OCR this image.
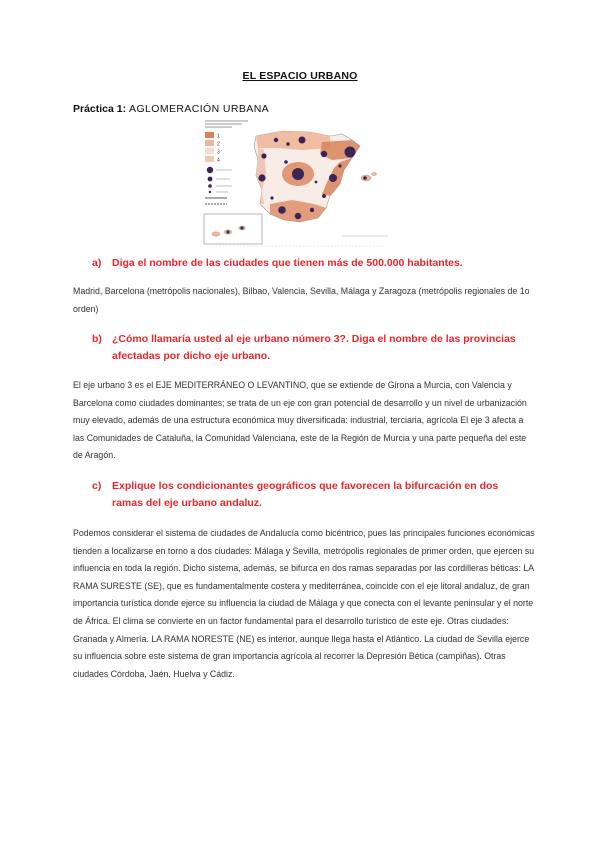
EL ESPACIO URBANO
Práctica 1: AGLOMERACIÓN URBANA
1
2
3
4
a) Diga el nombre de las ciudades que tienen más de 500.000 habitantes.
Madrid, Barcelona (metrópolis nacionales), Bilbao, Valencia, Sevilla, Málaga y Zaragoza (metrópolis regionales de 1o orden)
b) ¿Cómo llamaría usted al eje urbano número 3?. Diga el nombre de las provincias afectadas por dicho eje urbano.
El eje urbano 3 es el EJE MEDITERRÁNEO O LEVANTINO, que se extiende de Girona a Murcia, con Valencia y Barcelona como ciudades dominantes; se trata de un eje con gran potencial de desarrollo y un nivel de urbanización muy elevado, además de una estructura económica muy diversificada: industrial, terciaria, agrícola El eje 3 afecta a las Comunidades de Cataluña, la Comunidad Valenciana, este de la Región de Murcia y una parte pequeña del este de Aragón.
c) Explique los condicionantes geográficos que favorecen la bifurcación en dos ramas del eje urbano andaluz.
Podemos considerar el sistema de ciudades de Andalucía como bicéntrico, pues las principales funciones económicas tienden a localizarse en torno a dos ciudades: Málaga y Sevilla, metrópolis regionales de primer orden, que ejercen su influencia en toda la región. Dicho sistema, además, se bifurca en dos ramas separadas por las cordilleras béticas: LA RAMA SURESTE (SE), que es fundamentalmente costera y mediterránea, coincide con el eje litoral andaluz, de gran importancia turística donde ejerce su influencia la ciudad de Málaga y que conecta con el levante peninsular y el norte de África. El clima se convierte en un factor fundamental para el desarrollo turístico de este eje. Otras ciudades: Granada y Almería. LA RAMA NORESTE (NE) es interior, aunque llega hasta el Atlántico. La ciudad de Sevilla ejerce su influencia sobre este sistema de gran importancia agrícola al recorrer la Depresión Bética (campiñas). Otras ciudades Córdoba, Jaén, Huelva y Cádiz.
